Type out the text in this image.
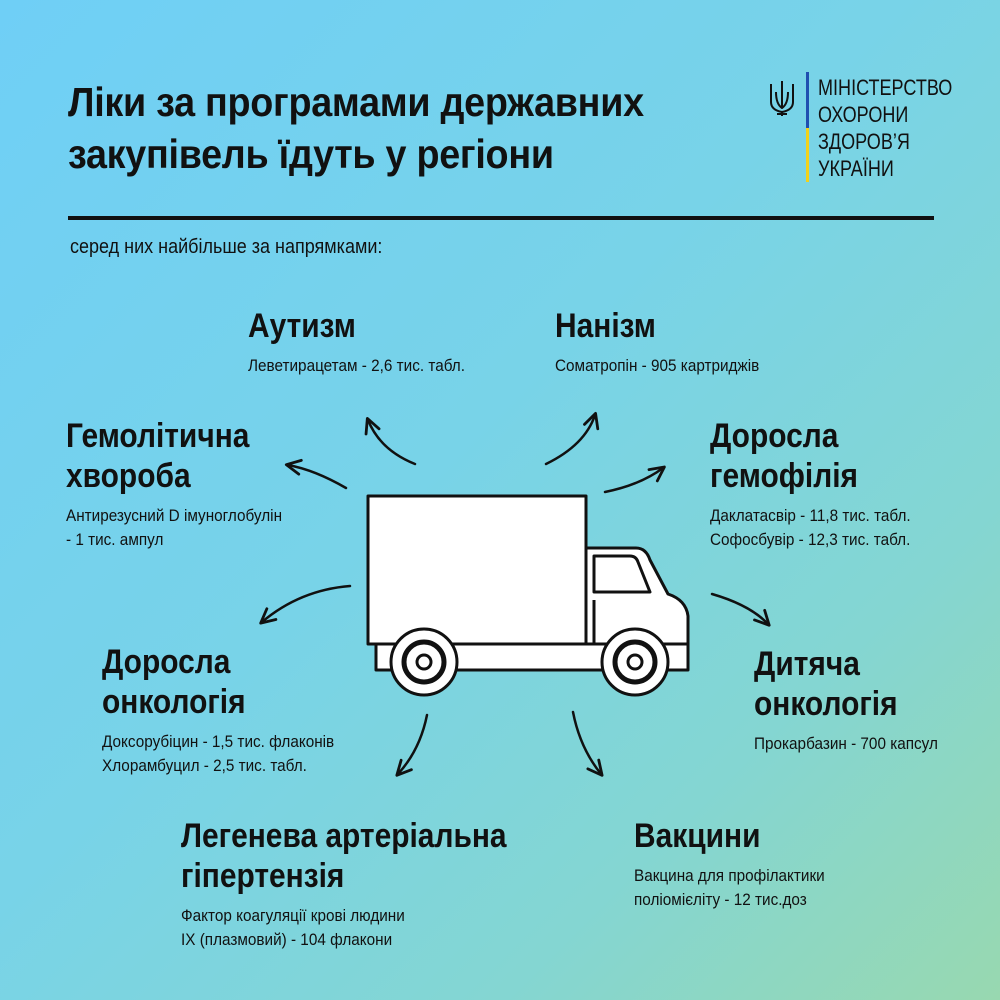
Ліки за програмами державних
закупівель їдуть у регіони
МІНІСТЕРСТВО
ОХОРОНИ
ЗДОРОВ’Я
УКРАЇНИ
серед них найбільше за напрямками:
Аутизм
Леветирацетам - 2,6 тис. табл.
Нанізм
Соматропін - 905 картриджів
Гемолітична
хвороба
Антирезусний D імуноглобулін
- 1 тис. ампул
Доросла
гемофілія
Даклатасвір - 11,8 тис. табл.
Софосбувір - 12,3 тис. табл.
Доросла
онкологія
Доксорубіцин - 1,5 тис. флаконів
Хлорамбуцил - 2,5 тис. табл.
Дитяча
онкологія
Прокарбазин - 700 капсул
Легенева артеріальна
гіпертензія
Фактор коагуляції крові людини
IX (плазмовий) - 104 флакони
Вакцини
Вакцина для профілактики
поліомієліту - 12 тис.доз
